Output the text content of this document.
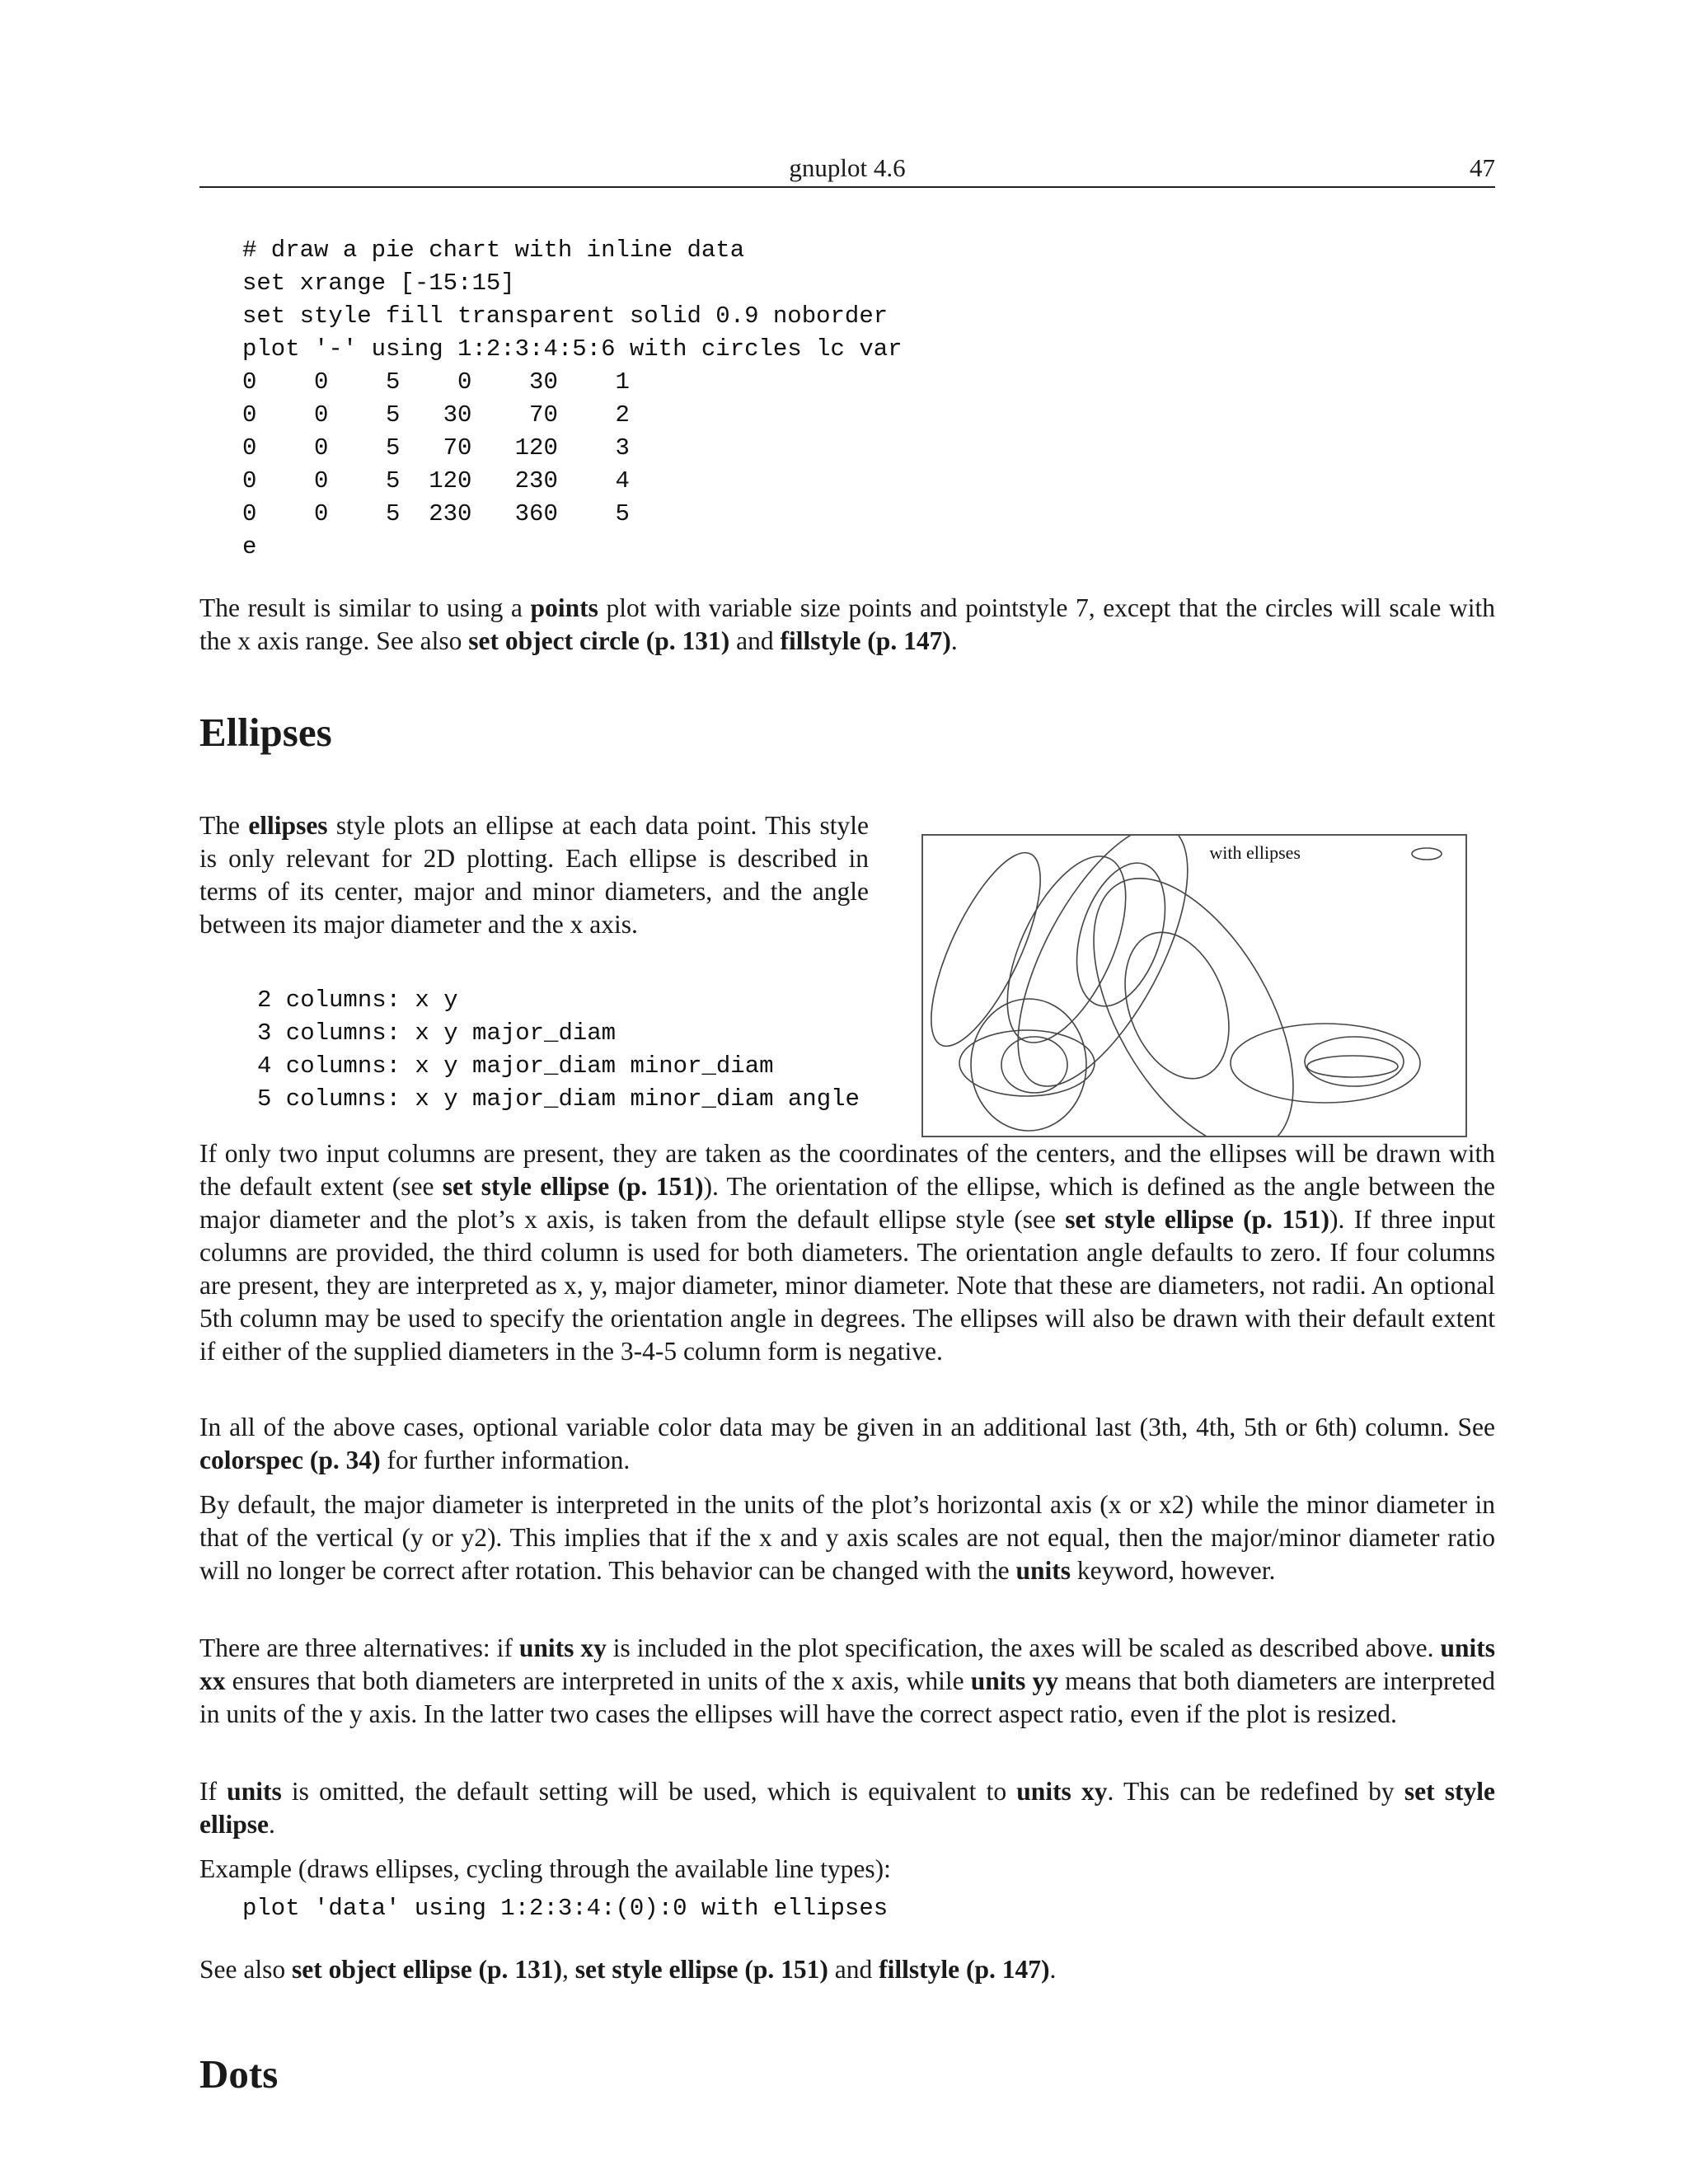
gnuplot 4.6	47
# draw a pie chart with inline data
set xrange [-15:15]
set style fill transparent solid 0.9 noborder
plot '-' using 1:2:3:4:5:6 with circles lc var
0    0    5    0    30    1
0    0    5   30    70    2
0    0    5   70   120    3
0    0    5  120   230    4
0    0    5  230   360    5
e

The result is similar to using a points plot with variable size points and pointstyle 7, except that the circles will scale with the x axis range. See also set object circle (p. 131) and fillstyle (p. 147).

Ellipses

The ellipses style plots an ellipse at each data point. This style is only relevant for 2D plotting. Each ellipse is described in terms of its center, major and minor diameters, and the angle between its major diameter and the x axis.

2 columns: x y
3 columns: x y major_diam
4 columns: x y major_diam minor_diam
5 columns: x y major_diam minor_diam angle
with ellipses

If only two input columns are present, they are taken as the coordinates of the centers, and the ellipses will be drawn with the default extent (see set style ellipse (p. 151)). The orientation of the ellipse, which is defined as the angle between the major diameter and the plot’s x axis, is taken from the default ellipse style (see set style ellipse (p. 151)). If three input columns are provided, the third column is used for both diameters. The orientation angle defaults to zero. If four columns are present, they are interpreted as x, y, major diameter, minor diameter. Note that these are diameters, not radii. An optional 5th column may be used to specify the orientation angle in degrees. The ellipses will also be drawn with their default extent if either of the supplied diameters in the 3-4-5 column form is negative.

In all of the above cases, optional variable color data may be given in an additional last (3th, 4th, 5th or 6th) column. See colorspec (p. 34) for further information.

By default, the major diameter is interpreted in the units of the plot’s horizontal axis (x or x2) while the minor diameter in that of the vertical (y or y2). This implies that if the x and y axis scales are not equal, then the major/minor diameter ratio will no longer be correct after rotation. This behavior can be changed with the units keyword, however.

There are three alternatives: if units xy is included in the plot specification, the axes will be scaled as described above. units xx ensures that both diameters are interpreted in units of the x axis, while units yy means that both diameters are interpreted in units of the y axis. In the latter two cases the ellipses will have the correct aspect ratio, even if the plot is resized.

If units is omitted, the default setting will be used, which is equivalent to units xy. This can be redefined by set style ellipse.

Example (draws ellipses, cycling through the available line types):

plot 'data' using 1:2:3:4:(0):0 with ellipses

See also set object ellipse (p. 131), set style ellipse (p. 151) and fillstyle (p. 147).

Dots
